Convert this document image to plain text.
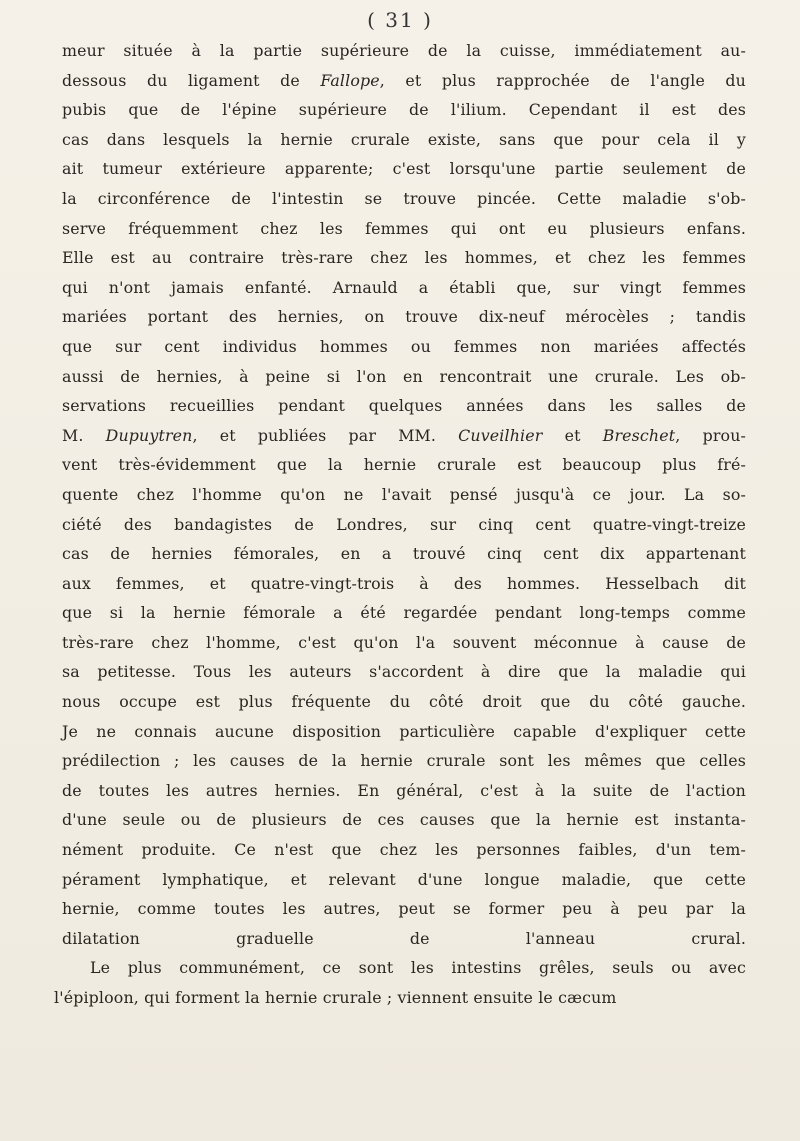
( 31 )
meur située à la partie supérieure de la cuisse, immédiatement au-
dessous du ligament de Fallope, et plus rapprochée de l'angle du
pubis que de l'épine supérieure de l'ilium. Cependant il est des
cas dans lesquels la hernie crurale existe, sans que pour cela il y
ait tumeur extérieure apparente; c'est lorsqu'une partie seulement de
la circonférence de l'intestin se trouve pincée. Cette maladie s'ob-
serve fréquemment chez les femmes qui ont eu plusieurs enfans.
Elle est au contraire très-rare chez les hommes, et chez les femmes
qui n'ont jamais enfanté. Arnauld a établi que, sur vingt femmes
mariées portant des hernies, on trouve dix-neuf mérocèles ; tandis
que sur cent individus hommes ou femmes non mariées affectés
aussi de hernies, à peine si l'on en rencontrait une crurale. Les ob-
servations recueillies pendant quelques années dans les salles de
M. Dupuytren, et publiées par MM. Cuveilhier et Breschet, prou-
vent très-évidemment que la hernie crurale est beaucoup plus fré-
quente chez l'homme qu'on ne l'avait pensé jusqu'à ce jour. La so-
ciété des bandagistes de Londres, sur cinq cent quatre-vingt-treize
cas de hernies fémorales, en a trouvé cinq cent dix appartenant
aux femmes, et quatre-vingt-trois à des hommes. Hesselbach dit
que si la hernie fémorale a été regardée pendant long-temps comme
très-rare chez l'homme, c'est qu'on l'a souvent méconnue à cause de
sa petitesse. Tous les auteurs s'accordent à dire que la maladie qui
nous occupe est plus fréquente du côté droit que du côté gauche.
Je ne connais aucune disposition particulière capable d'expliquer cette
prédilection ; les causes de la hernie crurale sont les mêmes que celles
de toutes les autres hernies. En général, c'est à la suite de l'action
d'une seule ou de plusieurs de ces causes que la hernie est instanta-
nément produite. Ce n'est que chez les personnes faibles, d'un tem-
pérament lymphatique, et relevant d'une longue maladie, que cette
hernie, comme toutes les autres, peut se former peu à peu par la
dilatation graduelle de l'anneau crural.
Le plus communément, ce sont les intestins grêles, seuls ou avec
l'épiploon, qui forment la hernie crurale ; viennent ensuite le cæcum
